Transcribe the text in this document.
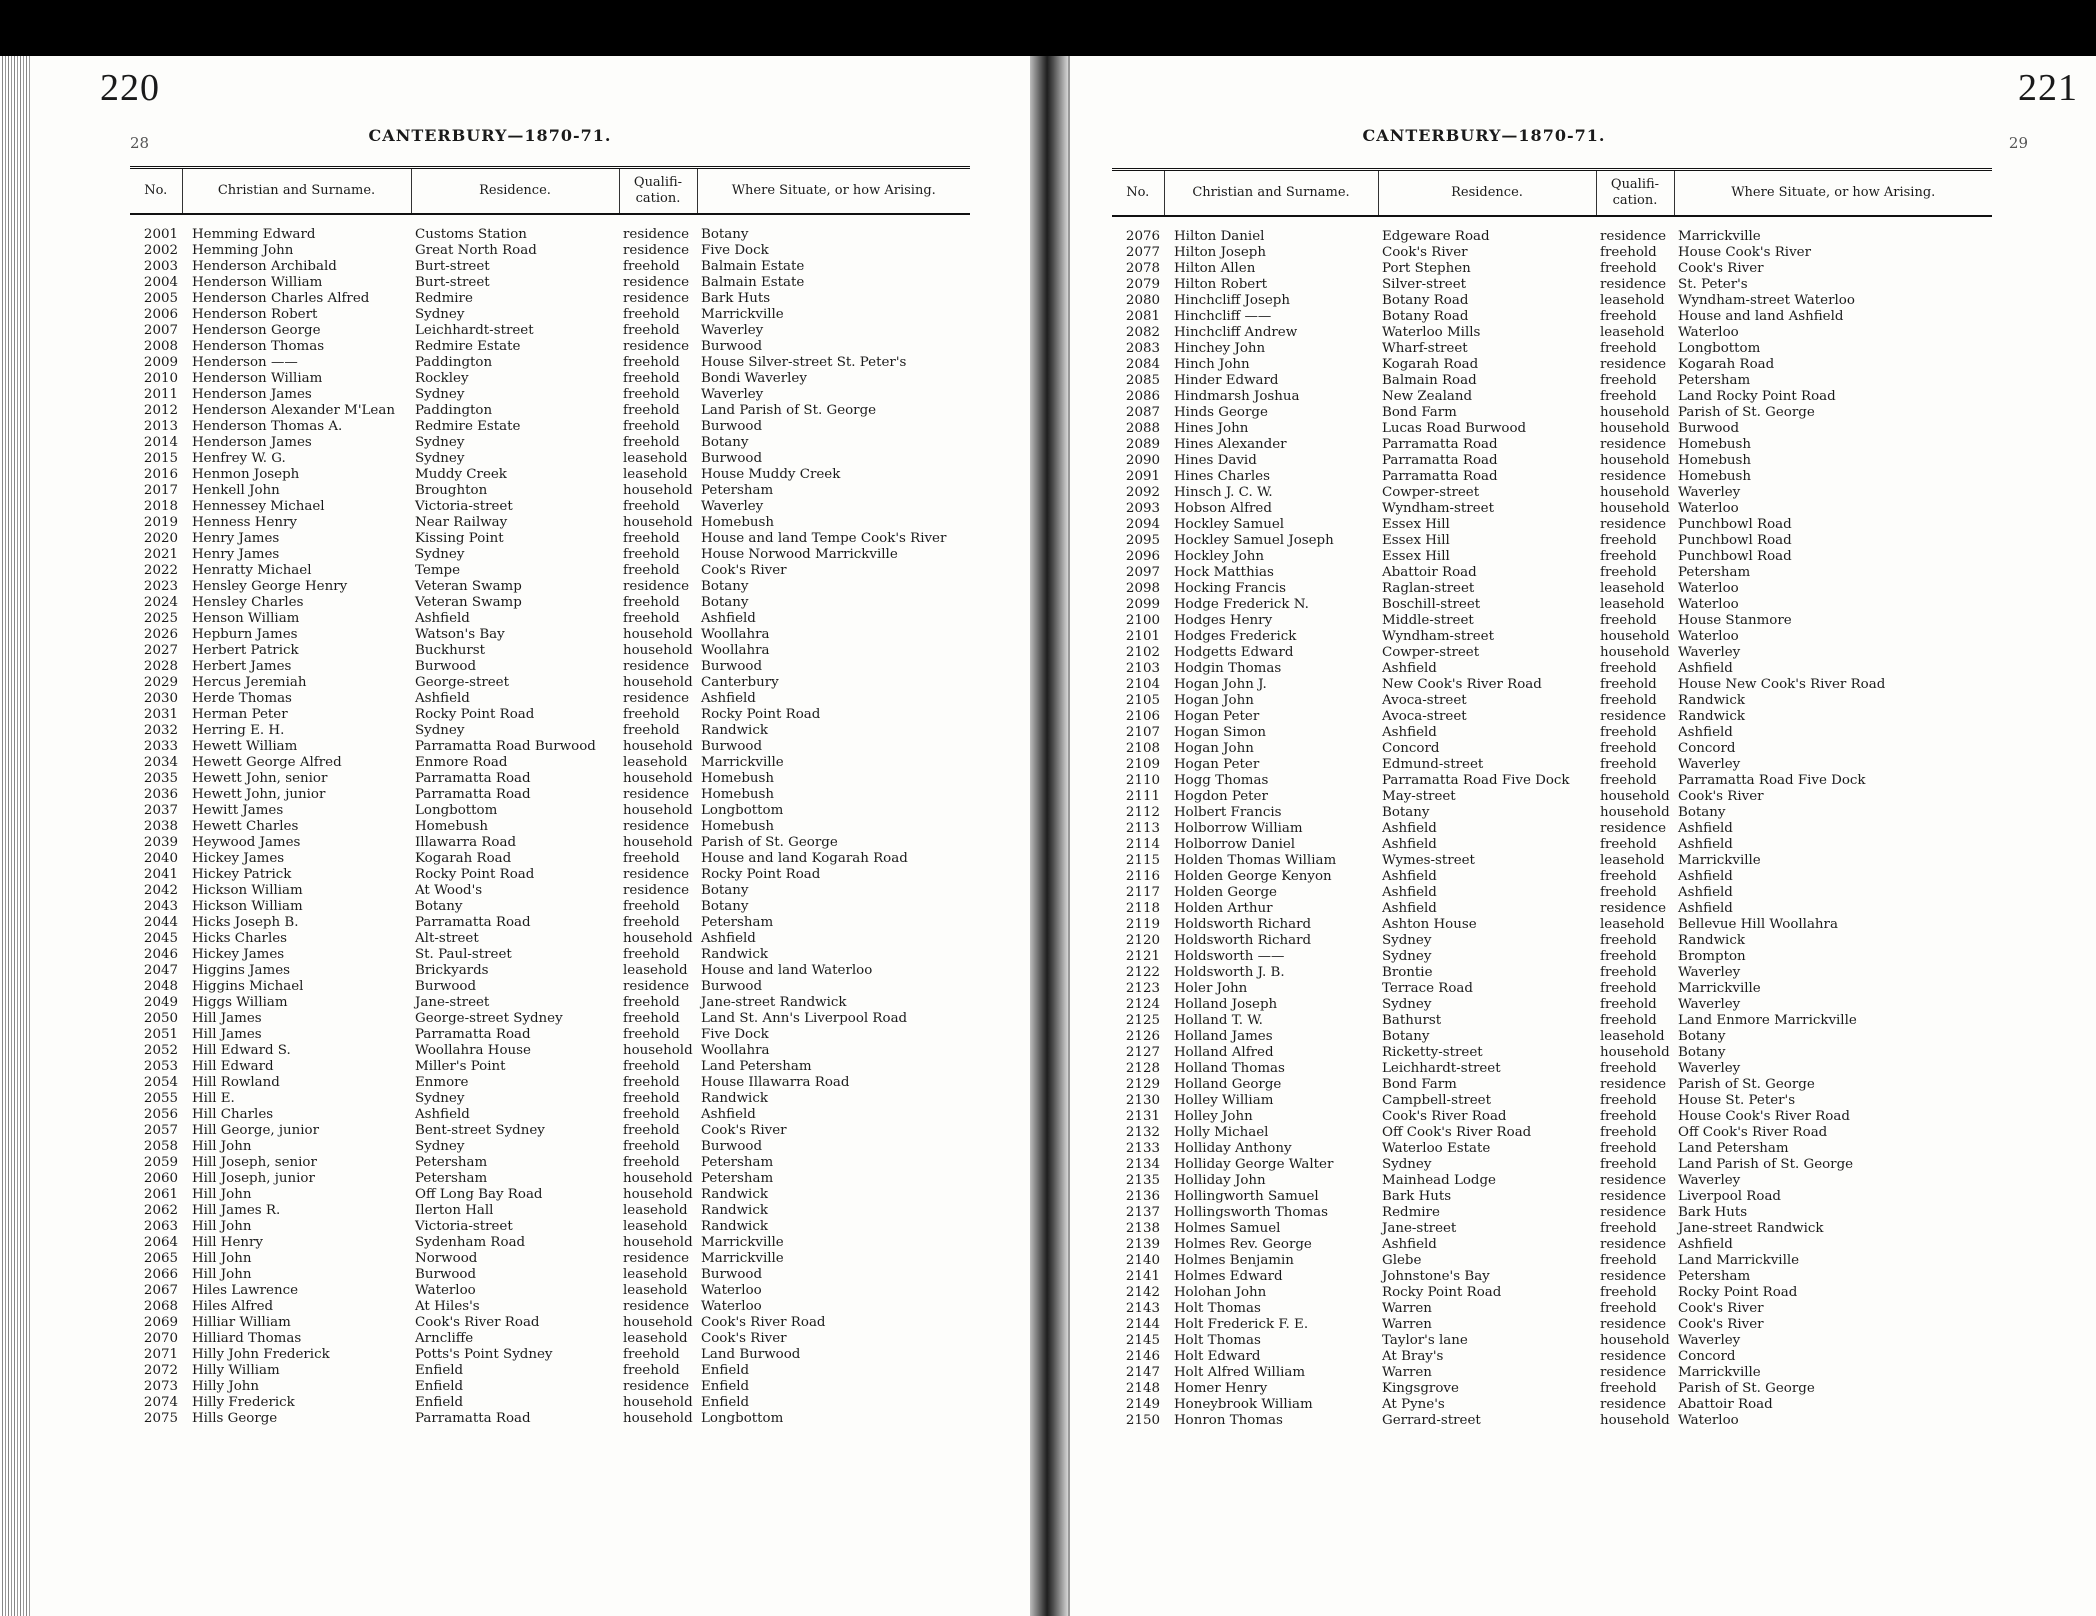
220
28	CANTERBURY—1870-71.
No.	Christian and Surname.	Residence.	Qualifi-cation.	Where Situate, or how Arising.
2001	Hemming Edward	Customs Station	residence	Botany
2002	Hemming John	Great North Road	residence	Five Dock
2003	Henderson Archibald	Burt-street	freehold	Balmain Estate
2004	Henderson William	Burt-street	residence	Balmain Estate
2005	Henderson Charles Alfred	Redmire	residence	Bark Huts
2006	Henderson Robert	Sydney	freehold	Marrickville
2007	Henderson George	Leichhardt-street	freehold	Waverley
2008	Henderson Thomas	Redmire Estate	residence	Burwood
2009	Henderson ——	Paddington	freehold	House Silver-street St. Peter's
2010	Henderson William	Rockley	freehold	Bondi Waverley
2011	Henderson James	Sydney	freehold	Waverley
2012	Henderson Alexander M'Lean	Paddington	freehold	Land Parish of St. George
2013	Henderson Thomas A.	Redmire Estate	freehold	Burwood
2014	Henderson James	Sydney	freehold	Botany
2015	Henfrey W. G.	Sydney	leasehold	Burwood
2016	Henmon Joseph	Muddy Creek	leasehold	House Muddy Creek
2017	Henkell John	Broughton	household	Petersham
2018	Hennessey Michael	Victoria-street	freehold	Waverley
2019	Henness Henry	Near Railway	household	Homebush
2020	Henry James	Kissing Point	freehold	House and land Tempe Cook's River
2021	Henry James	Sydney	freehold	House Norwood Marrickville
2022	Henratty Michael	Tempe	freehold	Cook's River
2023	Hensley George Henry	Veteran Swamp	residence	Botany
2024	Hensley Charles	Veteran Swamp	freehold	Botany
2025	Henson William	Ashfield	freehold	Ashfield
2026	Hepburn James	Watson's Bay	household	Woollahra
2027	Herbert Patrick	Buckhurst	household	Woollahra
2028	Herbert James	Burwood	residence	Burwood
2029	Hercus Jeremiah	George-street	household	Canterbury
2030	Herde Thomas	Ashfield	residence	Ashfield
2031	Herman Peter	Rocky Point Road	freehold	Rocky Point Road
2032	Herring E. H.	Sydney	freehold	Randwick
2033	Hewett William	Parramatta Road Burwood	household	Burwood
2034	Hewett George Alfred	Enmore Road	leasehold	Marrickville
2035	Hewett John, senior	Parramatta Road	household	Homebush
2036	Hewett John, junior	Parramatta Road	residence	Homebush
2037	Hewitt James	Longbottom	household	Longbottom
2038	Hewett Charles	Homebush	residence	Homebush
2039	Heywood James	Illawarra Road	household	Parish of St. George
2040	Hickey James	Kogarah Road	freehold	House and land Kogarah Road
2041	Hickey Patrick	Rocky Point Road	residence	Rocky Point Road
2042	Hickson William	At Wood's	residence	Botany
2043	Hickson William	Botany	freehold	Botany
2044	Hicks Joseph B.	Parramatta Road	freehold	Petersham
2045	Hicks Charles	Alt-street	household	Ashfield
2046	Hickey James	St. Paul-street	freehold	Randwick
2047	Higgins James	Brickyards	leasehold	House and land Waterloo
2048	Higgins Michael	Burwood	residence	Burwood
2049	Higgs William	Jane-street	freehold	Jane-street Randwick
2050	Hill James	George-street Sydney	freehold	Land St. Ann's Liverpool Road
2051	Hill James	Parramatta Road	freehold	Five Dock
2052	Hill Edward S.	Woollahra House	household	Woollahra
2053	Hill Edward	Miller's Point	freehold	Land Petersham
2054	Hill Rowland	Enmore	freehold	House Illawarra Road
2055	Hill E.	Sydney	freehold	Randwick
2056	Hill Charles	Ashfield	freehold	Ashfield
2057	Hill George, junior	Bent-street Sydney	freehold	Cook's River
2058	Hill John	Sydney	freehold	Burwood
2059	Hill Joseph, senior	Petersham	freehold	Petersham
2060	Hill Joseph, junior	Petersham	household	Petersham
2061	Hill John	Off Long Bay Road	household	Randwick
2062	Hill James R.	Ilerton Hall	leasehold	Randwick
2063	Hill John	Victoria-street	leasehold	Randwick
2064	Hill Henry	Sydenham Road	household	Marrickville
2065	Hill John	Norwood	residence	Marrickville
2066	Hill John	Burwood	leasehold	Burwood
2067	Hiles Lawrence	Waterloo	leasehold	Waterloo
2068	Hiles Alfred	At Hiles's	residence	Waterloo
2069	Hilliar William	Cook's River Road	household	Cook's River Road
2070	Hilliard Thomas	Arncliffe	leasehold	Cook's River
2071	Hilly John Frederick	Potts's Point Sydney	freehold	Land Burwood
2072	Hilly William	Enfield	freehold	Enfield
2073	Hilly John	Enfield	residence	Enfield
2074	Hilly Frederick	Enfield	household	Enfield
2075	Hills George	Parramatta Road	household	Longbottom
221
29
CANTERBURY—1870-71.
No.	Christian and Surname.	Residence.	Qualifi-cation.	Where Situate, or how Arising.
2076	Hilton Daniel	Edgeware Road	residence	Marrickville
2077	Hilton Joseph	Cook's River	freehold	House Cook's River
2078	Hilton Allen	Port Stephen	freehold	Cook's River
2079	Hilton Robert	Silver-street	residence	St. Peter's
2080	Hinchcliff Joseph	Botany Road	leasehold	Wyndham-street Waterloo
2081	Hinchcliff ——	Botany Road	freehold	House and land Ashfield
2082	Hinchcliff Andrew	Waterloo Mills	leasehold	Waterloo
2083	Hinchey John	Wharf-street	freehold	Longbottom
2084	Hinch John	Kogarah Road	residence	Kogarah Road
2085	Hinder Edward	Balmain Road	freehold	Petersham
2086	Hindmarsh Joshua	New Zealand	freehold	Land Rocky Point Road
2087	Hinds George	Bond Farm	household	Parish of St. George
2088	Hines John	Lucas Road Burwood	household	Burwood
2089	Hines Alexander	Parramatta Road	residence	Homebush
2090	Hines David	Parramatta Road	household	Homebush
2091	Hines Charles	Parramatta Road	residence	Homebush
2092	Hinsch J. C. W.	Cowper-street	household	Waverley
2093	Hobson Alfred	Wyndham-street	household	Waterloo
2094	Hockley Samuel	Essex Hill	residence	Punchbowl Road
2095	Hockley Samuel Joseph	Essex Hill	freehold	Punchbowl Road
2096	Hockley John	Essex Hill	freehold	Punchbowl Road
2097	Hock Matthias	Abattoir Road	freehold	Petersham
2098	Hocking Francis	Raglan-street	leasehold	Waterloo
2099	Hodge Frederick N.	Boschill-street	leasehold	Waterloo
2100	Hodges Henry	Middle-street	freehold	House Stanmore
2101	Hodges Frederick	Wyndham-street	household	Waterloo
2102	Hodgetts Edward	Cowper-street	household	Waverley
2103	Hodgin Thomas	Ashfield	freehold	Ashfield
2104	Hogan John J.	New Cook's River Road	freehold	House New Cook's River Road
2105	Hogan John	Avoca-street	freehold	Randwick
2106	Hogan Peter	Avoca-street	residence	Randwick
2107	Hogan Simon	Ashfield	freehold	Ashfield
2108	Hogan John	Concord	freehold	Concord
2109	Hogan Peter	Edmund-street	freehold	Waverley
2110	Hogg Thomas	Parramatta Road Five Dock	freehold	Parramatta Road Five Dock
2111	Hogdon Peter	May-street	household	Cook's River
2112	Holbert Francis	Botany	household	Botany
2113	Holborrow William	Ashfield	residence	Ashfield
2114	Holborrow Daniel	Ashfield	freehold	Ashfield
2115	Holden Thomas William	Wymes-street	leasehold	Marrickville
2116	Holden George Kenyon	Ashfield	freehold	Ashfield
2117	Holden George	Ashfield	freehold	Ashfield
2118	Holden Arthur	Ashfield	residence	Ashfield
2119	Holdsworth Richard	Ashton House	leasehold	Bellevue Hill Woollahra
2120	Holdsworth Richard	Sydney	freehold	Randwick
2121	Holdsworth ——	Sydney	freehold	Brompton
2122	Holdsworth J. B.	Brontie	freehold	Waverley
2123	Holer John	Terrace Road	freehold	Marrickville
2124	Holland Joseph	Sydney	freehold	Waverley
2125	Holland T. W.	Bathurst	freehold	Land Enmore Marrickville
2126	Holland James	Botany	leasehold	Botany
2127	Holland Alfred	Ricketty-street	household	Botany
2128	Holland Thomas	Leichhardt-street	freehold	Waverley
2129	Holland George	Bond Farm	residence	Parish of St. George
2130	Holley William	Campbell-street	freehold	House St. Peter's
2131	Holley John	Cook's River Road	freehold	House Cook's River Road
2132	Holly Michael	Off Cook's River Road	freehold	Off Cook's River Road
2133	Holliday Anthony	Waterloo Estate	freehold	Land Petersham
2134	Holliday George Walter	Sydney	freehold	Land Parish of St. George
2135	Holliday John	Mainhead Lodge	residence	Waverley
2136	Hollingworth Samuel	Bark Huts	residence	Liverpool Road
2137	Hollingsworth Thomas	Redmire	residence	Bark Huts
2138	Holmes Samuel	Jane-street	freehold	Jane-street Randwick
2139	Holmes Rev. George	Ashfield	residence	Ashfield
2140	Holmes Benjamin	Glebe	freehold	Land Marrickville
2141	Holmes Edward	Johnstone's Bay	residence	Petersham
2142	Holohan John	Rocky Point Road	freehold	Rocky Point Road
2143	Holt Thomas	Warren	freehold	Cook's River
2144	Holt Frederick F. E.	Warren	residence	Cook's River
2145	Holt Thomas	Taylor's lane	household	Waverley
2146	Holt Edward	At Bray's	residence	Concord
2147	Holt Alfred William	Warren	residence	Marrickville
2148	Homer Henry	Kingsgrove	freehold	Parish of St. George
2149	Honeybrook William	At Pyne's	residence	Abattoir Road
2150	Honron Thomas	Gerrard-street	household	Waterloo
